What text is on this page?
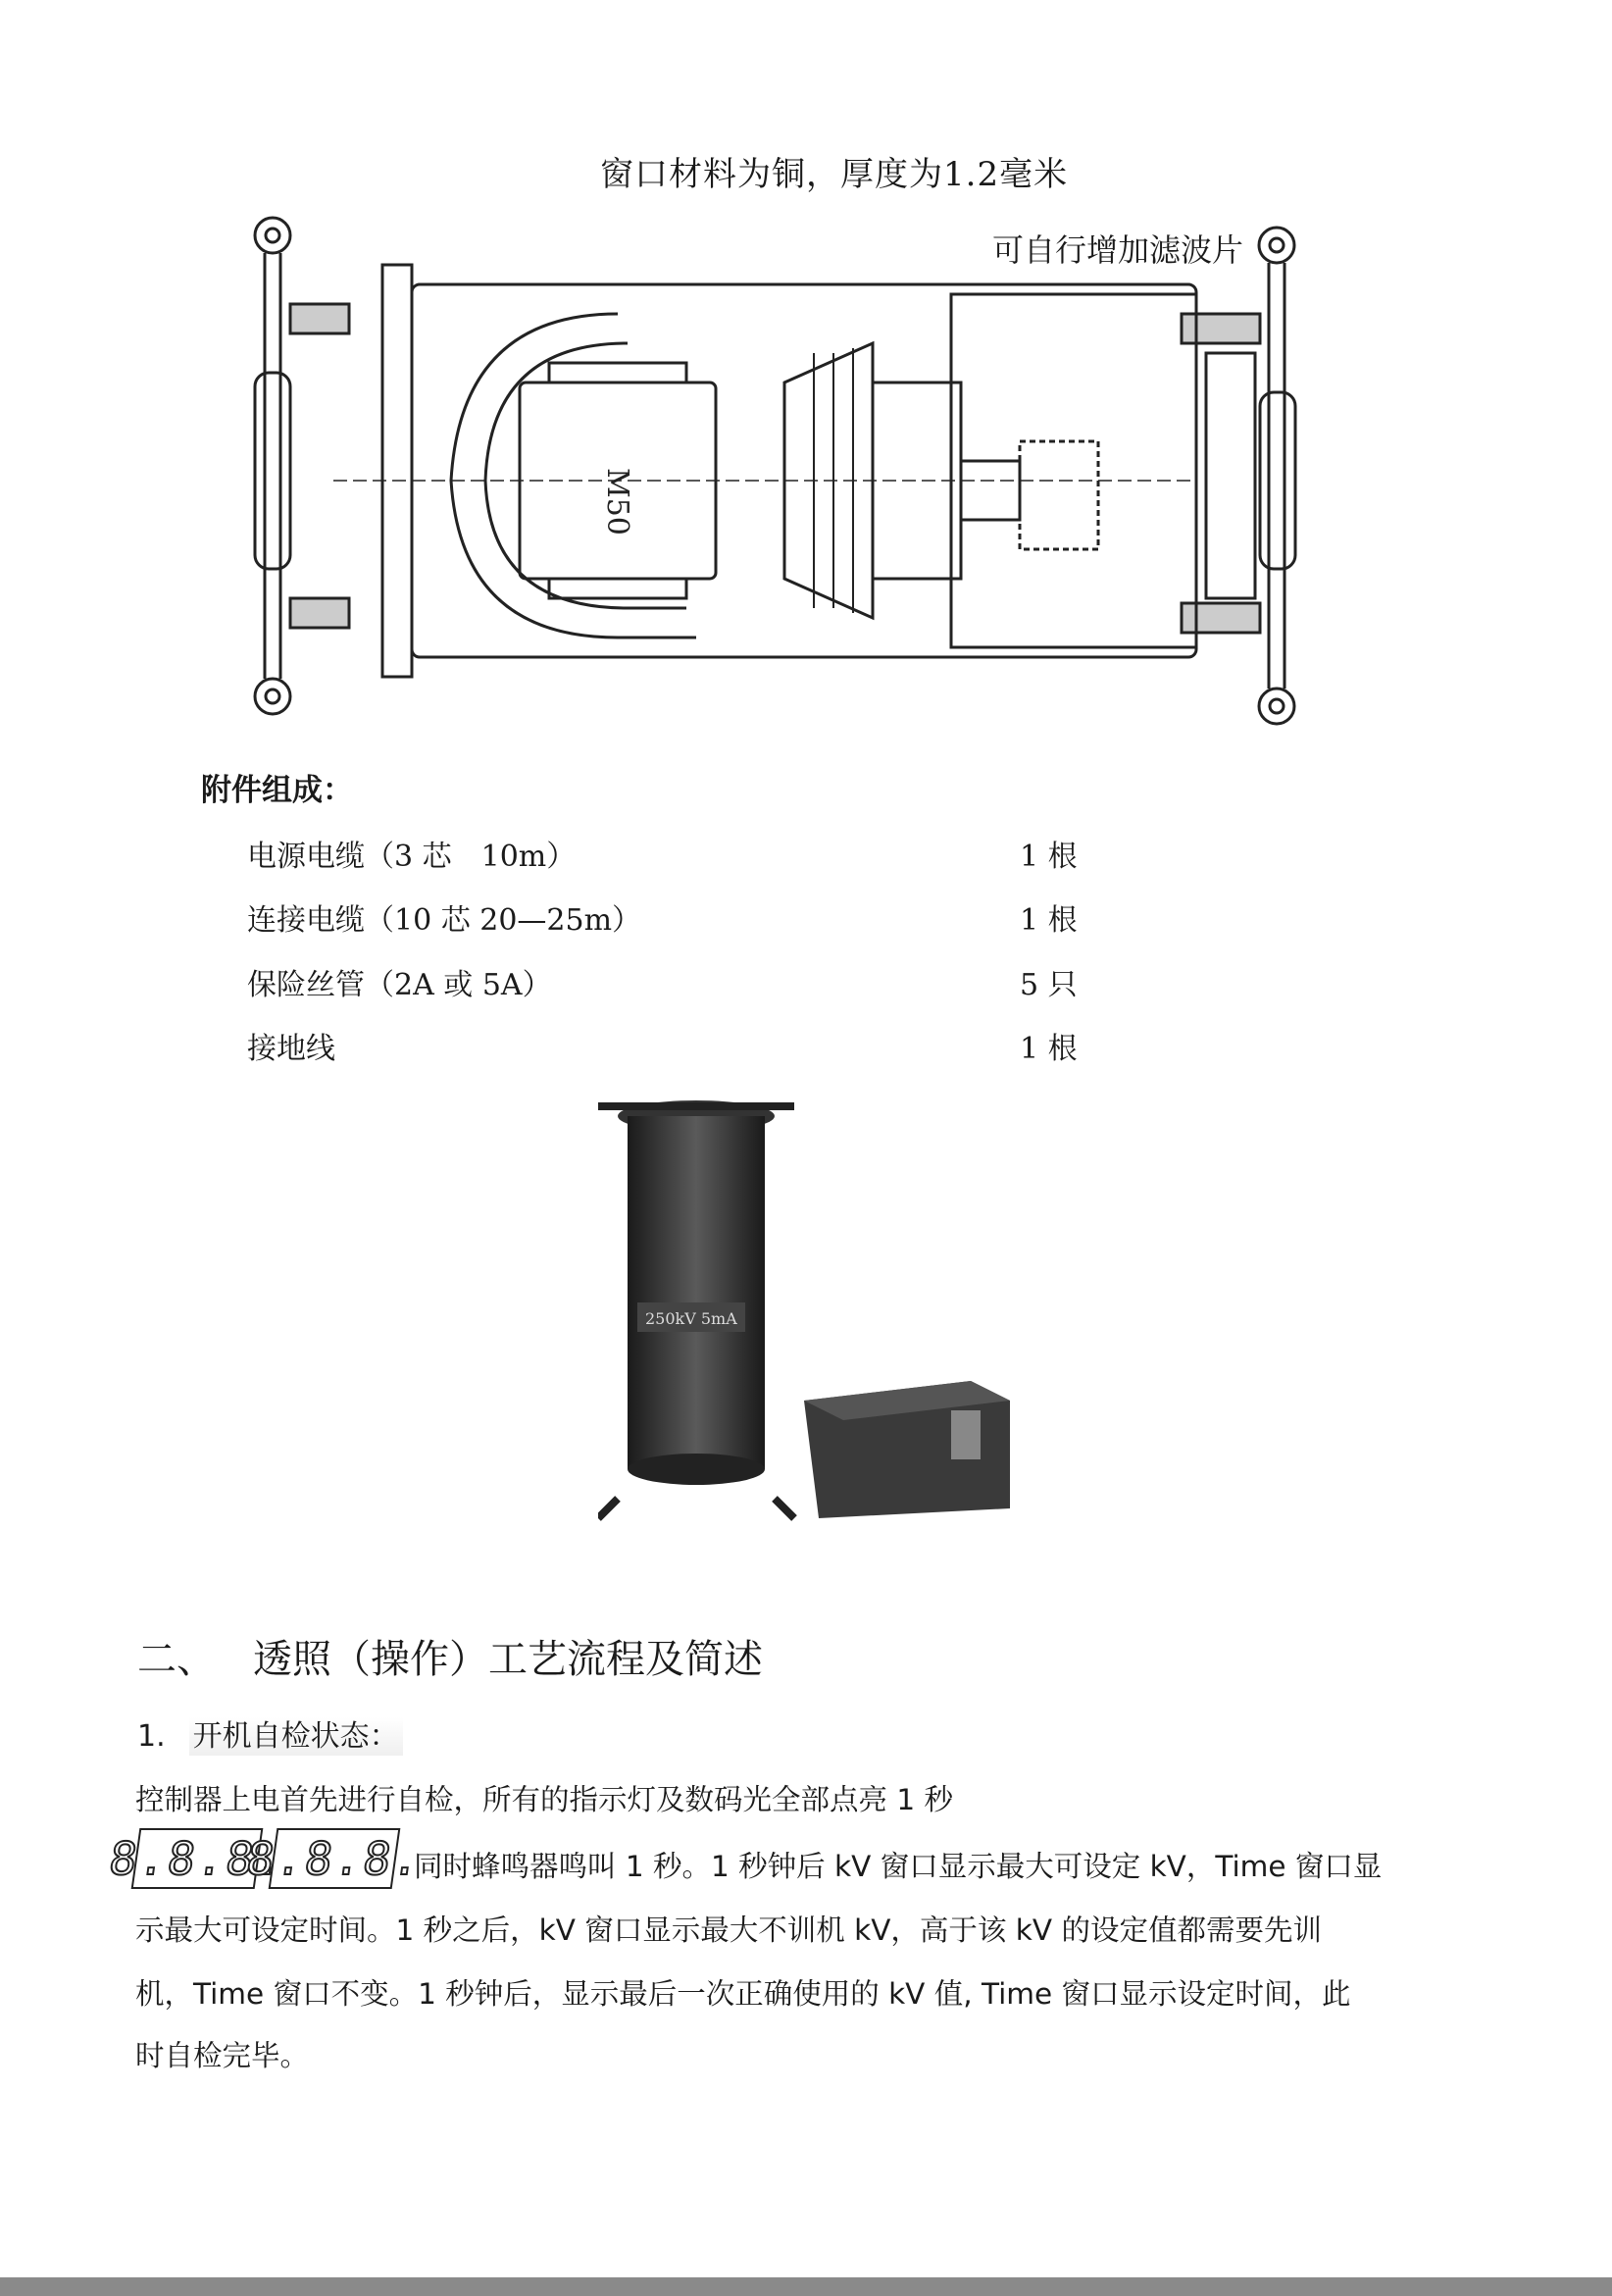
窗口材料为铜，厚度为1.2毫米
可自行增加滤波片
M50
附件组成：
电源电缆（3 芯　10m）	1 根
连接电缆（10 芯 20—25m）	1 根
保险丝管（2A 或 5A）	5 只
接地线	1 根
250kV 5mA
二、 透照（操作）工艺流程及简述
1. 开机自检状态：
控制器上电首先进行自检，所有的指示灯及数码光全部点亮 1 秒
8.8.8.
8.8.8.
同时蜂鸣器鸣叫 1 秒。1 秒钟后 kV 窗口显示最大可设定 kV，Time 窗口显
示最大可设定时间。1 秒之后，kV 窗口显示最大不训机 kV，高于该 kV 的设定值都需要先训
机，Time 窗口不变。1 秒钟后，显示最后一次正确使用的 kV 值, Time 窗口显示设定时间，此
时自检完毕。
